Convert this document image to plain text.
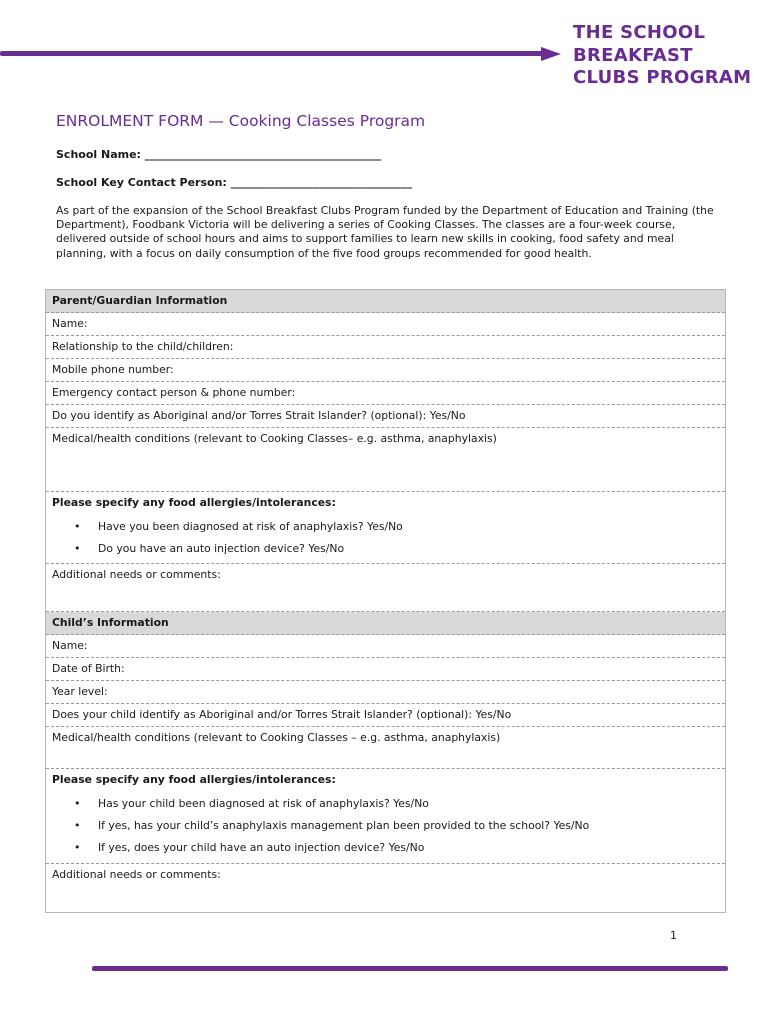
THE SCHOOL
BREAKFAST
CLUBS PROGRAM
ENROLMENT FORM — Cooking Classes Program
School Name: ___________________________________________
School Key Contact Person: _________________________________

As part of the expansion of the School Breakfast Clubs Program funded by the Department of Education and Training (the Department), Foodbank Victoria will be delivering a series of Cooking Classes. The classes are a four-week course, delivered outside of school hours and aims to support families to learn new skills in cooking, food safety and meal planning, with a focus on daily consumption of the five food groups recommended for good health.

Parent/Guardian Information
Name:
Relationship to the child/children:
Mobile phone number:
Emergency contact person & phone number:
Do you identify as Aboriginal and/or Torres Strait Islander? (optional): Yes/No
Medical/health conditions (relevant to Cooking Classes– e.g. asthma, anaphylaxis)
Please specify any food allergies/intolerances:
• Have you been diagnosed at risk of anaphylaxis? Yes/No
• Do you have an auto injection device? Yes/No
Additional needs or comments:
Child’s Information
Name:
Date of Birth:
Year level:
Does your child identify as Aboriginal and/or Torres Strait Islander? (optional): Yes/No
Medical/health conditions (relevant to Cooking Classes – e.g. asthma, anaphylaxis)
Please specify any food allergies/intolerances:
• Has your child been diagnosed at risk of anaphylaxis? Yes/No
• If yes, has your child’s anaphylaxis management plan been provided to the school? Yes/No
• If yes, does your child have an auto injection device? Yes/No
Additional needs or comments:
1
